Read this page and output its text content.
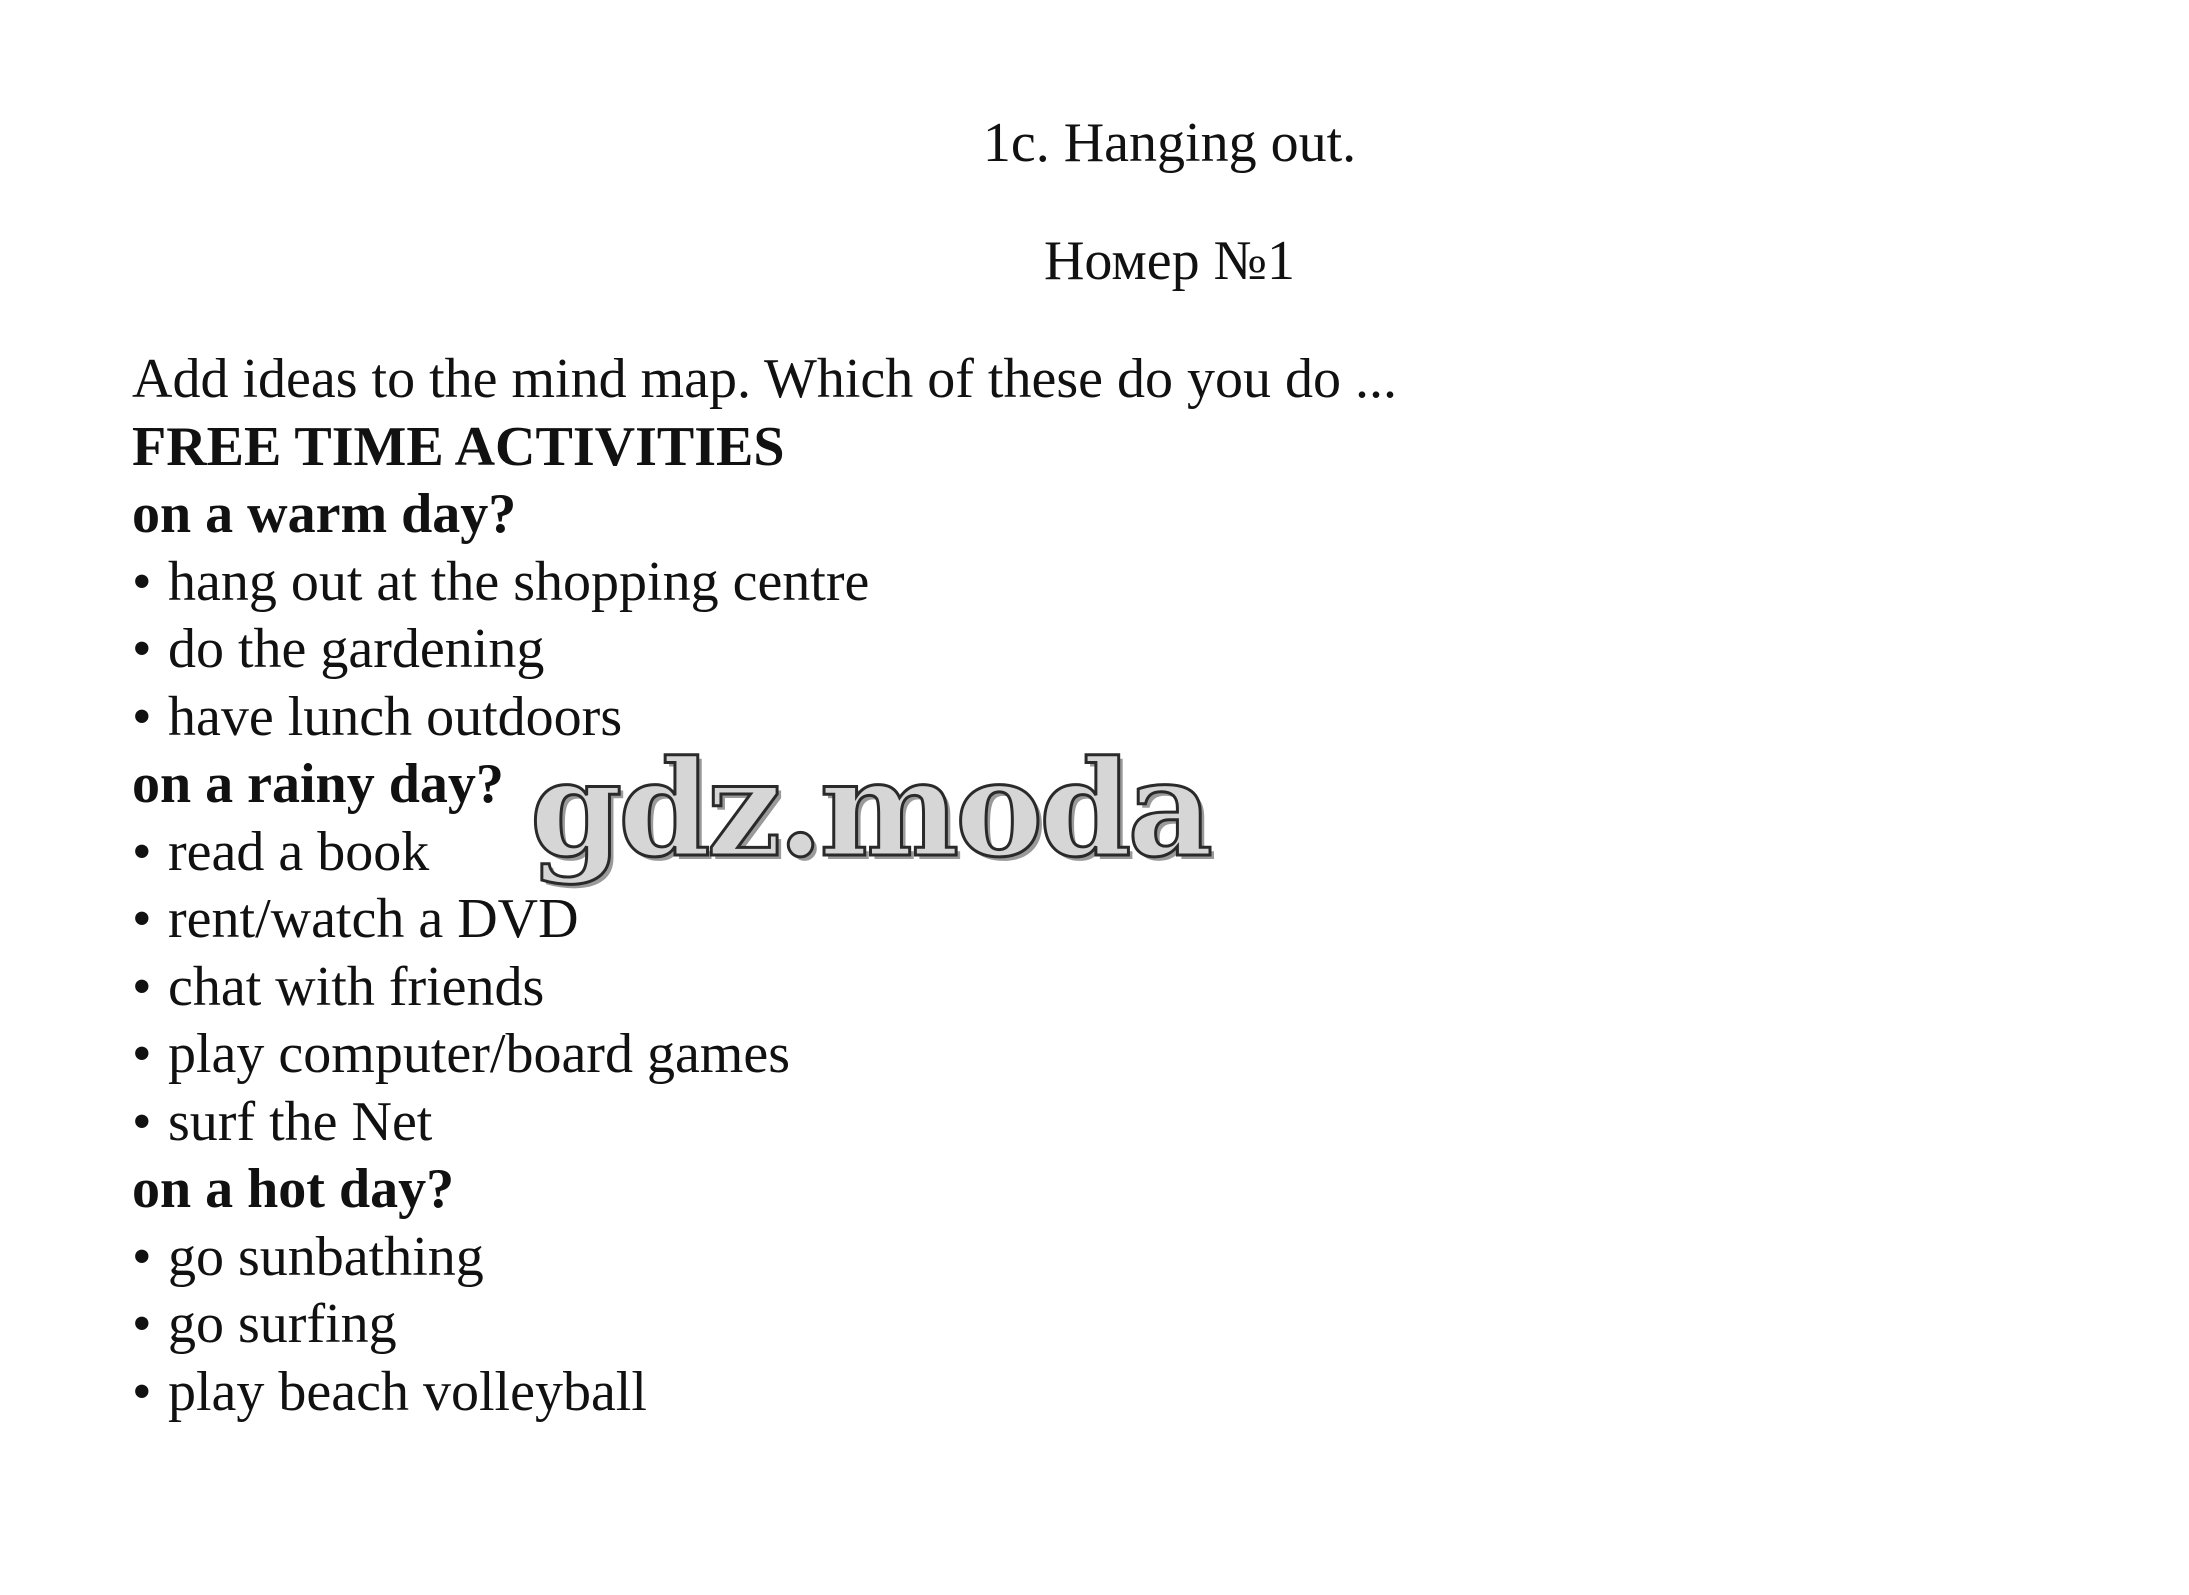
1c. Hanging out.
Номер №1
Add ideas to the mind map. Which of these do you do ...
FREE TIME ACTIVITIES
on a warm day?
• hang out at the shopping centre
• do the gardening
• have lunch outdoors
on a rainy day?
• read a book
• rent/watch a DVD
• chat with friends
• play computer/board games
• surf the Net
on a hot day?
• go sunbathing
• go surfing
• play beach volleyball
gdz.moda
